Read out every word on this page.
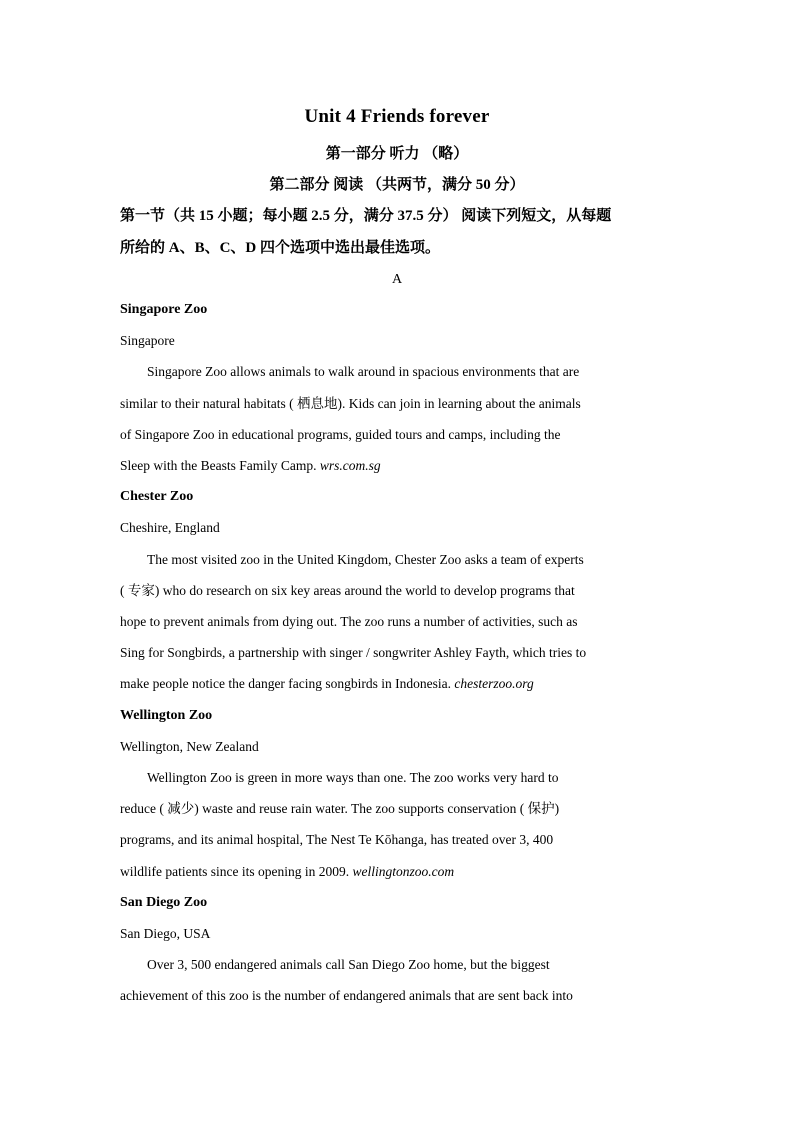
Unit 4 Friends forever
第一部分 听力 （略）
第二部分 阅读 （共两节，满分 50 分）
第一节（共 15 小题；每小题 2.5 分，满分 37.5 分） 阅读下列短文，从每题
所给的 A、B、C、D 四个选项中选出最佳选项。
A
Singapore Zoo
Singapore
Singapore Zoo allows animals to walk around in spacious environments that are
similar to their natural habitats ( 栖息地). Kids can join in learning about the animals
of Singapore Zoo in educational programs, guided tours and camps, including the
Sleep with the Beasts Family Camp. wrs.com.sg
Chester Zoo
Cheshire, England
The most visited zoo in the United Kingdom, Chester Zoo asks a team of experts
( 专家) who do research on six key areas around the world to develop programs that
hope to prevent animals from dying out. The zoo runs a number of activities, such as
Sing for Songbirds, a partnership with singer / songwriter Ashley Fayth, which tries to
make people notice the danger facing songbirds in Indonesia. chesterzoo.org
Wellington Zoo
Wellington, New Zealand
Wellington Zoo is green in more ways than one. The zoo works very hard to
reduce ( 减少) waste and reuse rain water. The zoo supports conservation ( 保护)
programs, and its animal hospital, The Nest Te Kōhanga, has treated over 3, 400
wildlife patients since its opening in 2009. wellingtonzoo.com
San Diego Zoo
San Diego, USA
Over 3, 500 endangered animals call San Diego Zoo home, but the biggest
achievement of this zoo is the number of endangered animals that are sent back into
